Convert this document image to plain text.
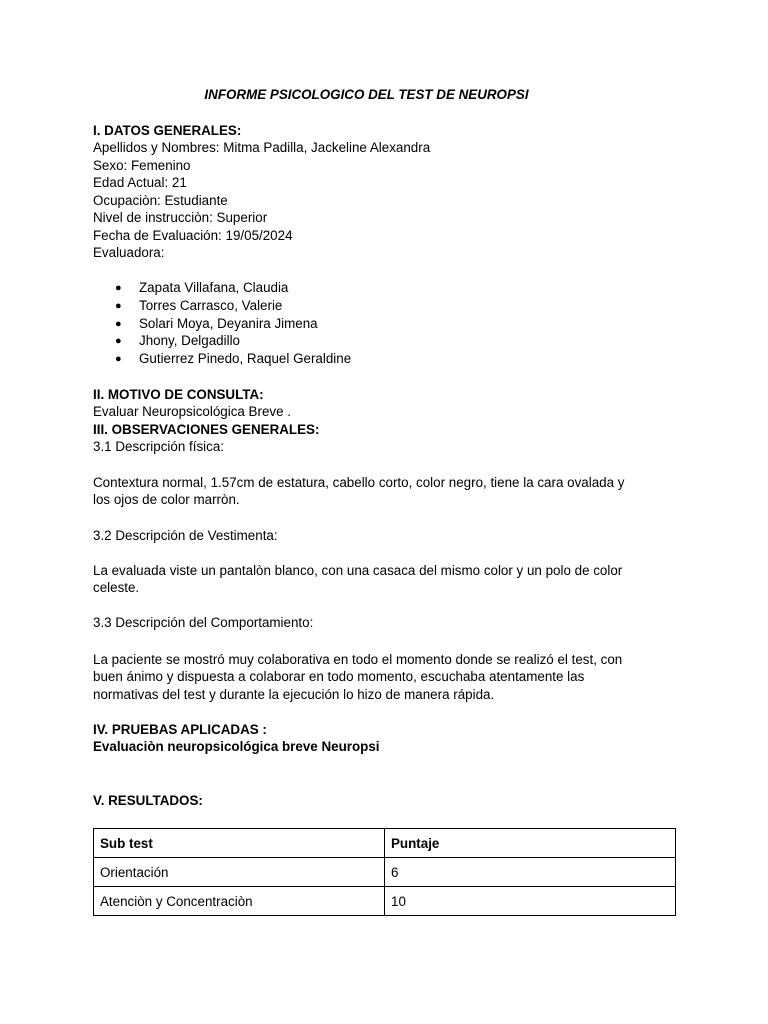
INFORME PSICOLOGICO DEL TEST DE NEUROPSI
I. DATOS GENERALES:
Apellidos y Nombres: Mitma Padilla, Jackeline Alexandra
Sexo: Femenino
Edad Actual: 21
Ocupaciòn: Estudiante
Nivel de instrucciòn: Superior
Fecha de Evaluación: 19/05/2024
Evaluadora:
● Zapata Villafana, Claudia
● Torres Carrasco, Valerie
● Solari Moya, Deyanira Jimena
● Jhony, Delgadillo
● Gutierrez Pinedo, Raquel Geraldine
II. MOTIVO DE CONSULTA:
Evaluar Neuropsicológica Breve .
III. OBSERVACIONES GENERALES:
3.1 Descripción física:
Contextura normal, 1.57cm de estatura, cabello corto, color negro, tiene la cara ovalada y
los ojos de color marròn.
3.2 Descripción de Vestimenta:
La evaluada viste un pantalòn blanco, con una casaca del mismo color y un polo de color
celeste.
3.3 Descripción del Comportamiento:
La paciente se mostró muy colaborativa en todo el momento donde se realizó el test, con
buen ánimo y dispuesta a colaborar en todo momento, escuchaba atentamente las
normativas del test y durante la ejecución lo hizo de manera rápida.
IV. PRUEBAS APLICADAS :
Evaluaciòn neuropsicológica breve Neuropsi
V. RESULTADOS:
Sub test	Puntaje
Orientación	6
Atenciòn y Concentraciòn	10
